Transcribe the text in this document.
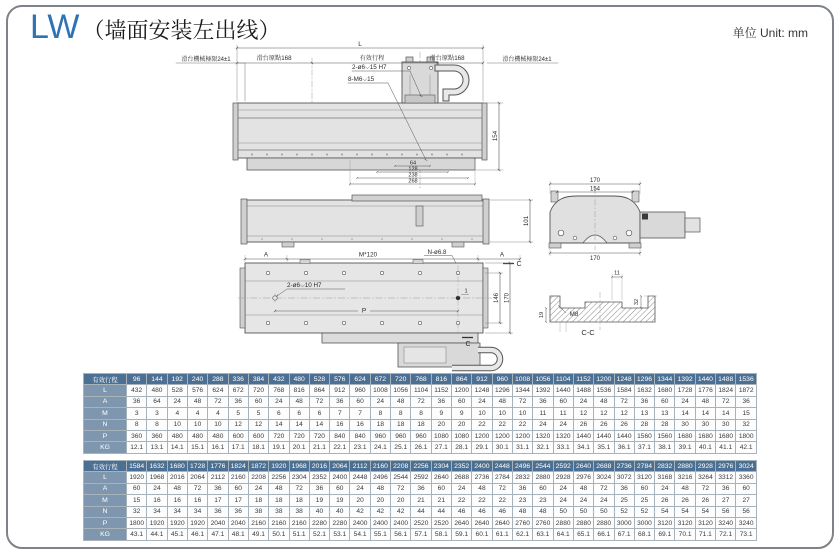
LW （墙面安装左出线）	单位 Unit: mm
L
滑台原點168	有效行程	滑台原點168
滑台機械極限24±1	滑台機械極限24±1
2-ø6⌵15 H7
8-M6⌵15
154
64
128
238
268
101
A	M*120	A
N-ø6.8
C
2-ø6⌵10 H7
P
1
146 170
C
170
154
170
11
32
19	M8
C-C
有效行程	96	144	192	240	288	336	384	432	480	528	576	624	672	720	768	816	864	912	960	1008	1056	1104	1152	1200	1248	1296	1344	1392	1440	1488	1536
L	432	480	528	576	624	672	720	768	816	864	912	960	1008	1056	1104	1152	1200	1248	1296	1344	1392	1440	1488	1536	1584	1632	1680	1728	1776	1824	1872
A	36	64	24	48	72	36	60	24	48	72	36	60	24	48	72	36	60	24	48	72	36	60	24	48	72	36	60	24	48	72	36
M	3	3	4	4	4	5	5	6	6	6	7	7	8	8	8	9	9	10	10	10	11	11	12	12	12	13	13	14	14	14	15
N	8	8	10	10	10	12	12	14	14	14	16	16	18	18	18	20	20	22	22	22	24	24	26	26	26	28	28	30	30	30	32
P	360	360	480	480	480	600	600	720	720	720	840	840	960	960	960	1080	1080	1200	1200	1200	1320	1320	1440	1440	1440	1560	1560	1680	1680	1680	1800
KG	12.1	13.1	14.1	15.1	16.1	17.1	18.1	19.1	20.1	21.1	22.1	23.1	24.1	25.1	26.1	27.1	28.1	29.1	30.1	31.1	32.1	33.1	34.1	35.1	36.1	37.1	38.1	39.1	40.1	41.1	42.1
有效行程	1584	1632	1680	1728	1776	1824	1872	1920	1968	2016	2064	2112	2160	2208	2256	2304	2352	2400	2448	2496	2544	2592	2640	2688	2736	2784	2832	2880	2928	2976	3024
L	1920	1968	2016	2064	2112	2160	2208	2256	2304	2352	2400	2448	2496	2544	2592	2640	2688	2736	2784	2832	2880	2928	2976	3024	3072	3120	3168	3216	3264	3312	3360
A	60	24	48	72	36	60	24	48	72	36	60	24	48	72	36	60	24	48	72	36	60	24	48	72	36	60	24	48	72	36	60
M	15	16	16	16	17	17	18	18	18	19	19	20	20	20	21	21	22	22	22	23	23	24	24	24	25	25	26	26	26	27	27
N	32	34	34	34	36	36	38	38	38	40	40	42	42	42	44	44	46	46	46	48	48	50	50	50	52	52	54	54	54	56	56
P	1800	1920	1920	1920	2040	2040	2160	2160	2160	2280	2280	2400	2400	2400	2520	2520	2640	2640	2640	2760	2760	2880	2880	2880	3000	3000	3120	3120	3120	3240	3240
KG	43.1	44.1	45.1	46.1	47.1	48.1	49.1	50.1	51.1	52.1	53.1	54.1	55.1	56.1	57.1	58.1	59.1	60.1	61.1	62.1	63.1	64.1	65.1	66.1	67.1	68.1	69.1	70.1	71.1	72.1	73.1
